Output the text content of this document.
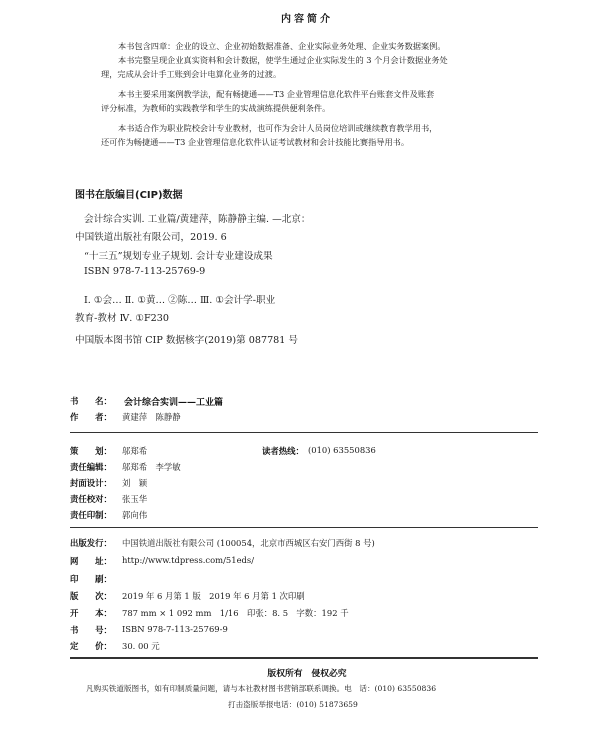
内容简介
本书包含四章：企业的设立、企业初始数据准备、企业实际业务处理、企业实务数据案例。
本书完整呈现企业真实资料和会计数据，使学生通过企业实际发生的 3 个月会计数据业务处
理，完成从会计手工账到会计电算化业务的过渡。
本书主要采用案例教学法，配有畅捷通——T3 企业管理信息化软件平台账套文件及账套
评分标准，为教师的实践教学和学生的实战演练提供便利条件。
本书适合作为职业院校会计专业教材，也可作为会计人员岗位培训或继续教育教学用书，
还可作为畅捷通——T3 企业管理信息化软件认证考试教材和会计技能比赛指导用书。
图书在版编目(CIP)数据
会计综合实训. 工业篇/黄建萍，陈静静主编. —北京：
中国铁道出版社有限公司，2019. 6
“十三五”规划专业子规划. 会计专业建设成果
ISBN 978-7-113-25769-9
Ⅰ. ①会… Ⅱ. ①黄… ②陈… Ⅲ. ①会计学-职业
教育-教材 Ⅳ. ①F230
中国版本图书馆 CIP 数据核字(2019)第 087781 号
书　　名： 会计综合实训——工业篇
作　　者： 黄建萍　陈静静
策　　划： 邬郑希	读者热线： (010) 63550836
责任编辑： 邬郑希　李学敏
封面设计： 刘　颖
责任校对： 张玉华
责任印制： 郭向伟
出版发行： 中国铁道出版社有限公司 (100054，北京市西城区右安门西街 8 号)
网　　址： http://www.tdpress.com/51eds/
印　　刷：
版　　次： 2019 年 6 月第 1 版　2019 年 6 月第 1 次印刷
开　　本： 787 mm × 1 092 mm　1/16　印张：8. 5　字数：192 千
书　　号： ISBN 978-7-113-25769-9
定　　价： 30. 00 元
版权所有　侵权必究
凡购买铁道版图书，如有印制质量问题，请与本社教材图书营销部联系调换。电　话：(010) 63550836
打击盗版举报电话：(010) 51873659
